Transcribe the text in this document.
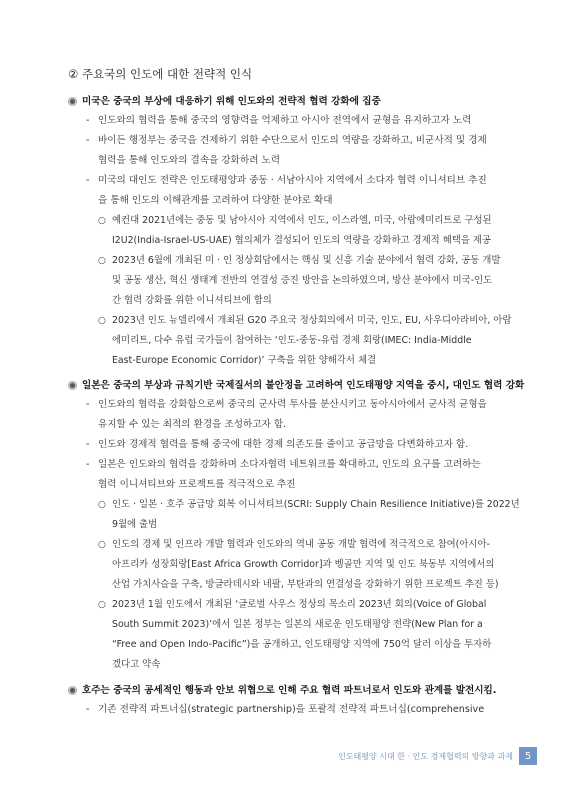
② 주요국의 인도에 대한 전략적 인식
미국은 중국의 부상에 대응하기 위해 인도와의 전략적 협력 강화에 집중
- 인도와의 협력을 통해 중국의 영향력을 억제하고 아시아 전역에서 균형을 유지하고자 노력
- 바이든 행정부는 중국을 견제하기 위한 수단으로서 인도의 역량을 강화하고, 비군사적 및 경제
협력을 통해 인도와의 결속을 강화하려 노력
- 미국의 대인도 전략은 인도태평양과 중동 · 서남아시아 지역에서 소다자 협력 이니셔티브 추진
을 통해 인도의 이해관계를 고려하여 다양한 분야로 확대
○ 예컨대 2021년에는 중동 및 남아시아 지역에서 인도, 이스라엘, 미국, 아랍에미리트로 구성된
I2U2(India-Israel-US-UAE) 협의체가 결성되어 인도의 역량을 강화하고 경제적 혜택을 제공
○ 2023년 6월에 개최된 미 · 인 정상회담에서는 핵심 및 신흥 기술 분야에서 협력 강화, 공동 개발
및 공동 생산, 혁신 생태계 전반의 연결성 증진 방안을 논의하였으며, 방산 분야에서 미국-인도
간 협력 강화를 위한 이니셔티브에 합의
○ 2023년 인도 뉴델리에서 개최된 G20 주요국 정상회의에서 미국, 인도, EU, 사우디아라비아, 아랍
에미리트, 다수 유럽 국가들이 참여하는 ‘인도-중동-유럽 경제 회랑(IMEC: India-Middle
East-Europe Economic Corridor)’ 구축을 위한 양해각서 체결
일본은 중국의 부상과 규칙기반 국제질서의 불안정을 고려하여 인도태평양 지역을 중시, 대인도 협력 강화
- 인도와의 협력을 강화함으로써 중국의 군사력 투사를 분산시키고 동아시아에서 군사적 균형을
유지할 수 있는 최적의 환경을 조성하고자 함.
- 인도와 경제적 협력을 통해 중국에 대한 경제 의존도를 줄이고 공급망을 다변화하고자 함.
- 일본은 인도와의 협력을 강화하며 소다자협력 네트워크를 확대하고, 인도의 요구를 고려하는
협력 이니셔티브와 프로젝트를 적극적으로 추진
○ 인도 · 일본 · 호주 공급망 회복 이니셔티브(SCRI: Supply Chain Resilience Initiative)를 2022년
9월에 출범
○ 인도의 경제 및 인프라 개발 협력과 인도와의 역내 공동 개발 협력에 적극적으로 참여(아시아-
아프리카 성장회랑[East Africa Growth Corridor]과 벵골만 지역 및 인도 북동부 지역에서의
산업 가치사슬을 구축, 방글라데시와 네팔, 부탄과의 연결성을 강화하기 위한 프로젝트 추진 등)
○ 2023년 1월 인도에서 개최된 ‘글로벌 사우스 정상의 목소리 2023년 회의(Voice of Global
South Summit 2023)’에서 일본 정부는 일본의 새로운 인도태평양 전략(New Plan for a
“Free and Open Indo-Pacific”)을 공개하고, 인도태평양 지역에 750억 달러 이상을 투자하
겠다고 약속
호주는 중국의 공세적인 행동과 안보 위협으로 인해 주요 협력 파트너로서 인도와 관계를 발전시킴.
- 기존 전략적 파트너십(strategic partnership)을 포괄적 전략적 파트너십(comprehensive
인도태평양 시대 한 · 인도 경제협력의 방향과 과제	5
